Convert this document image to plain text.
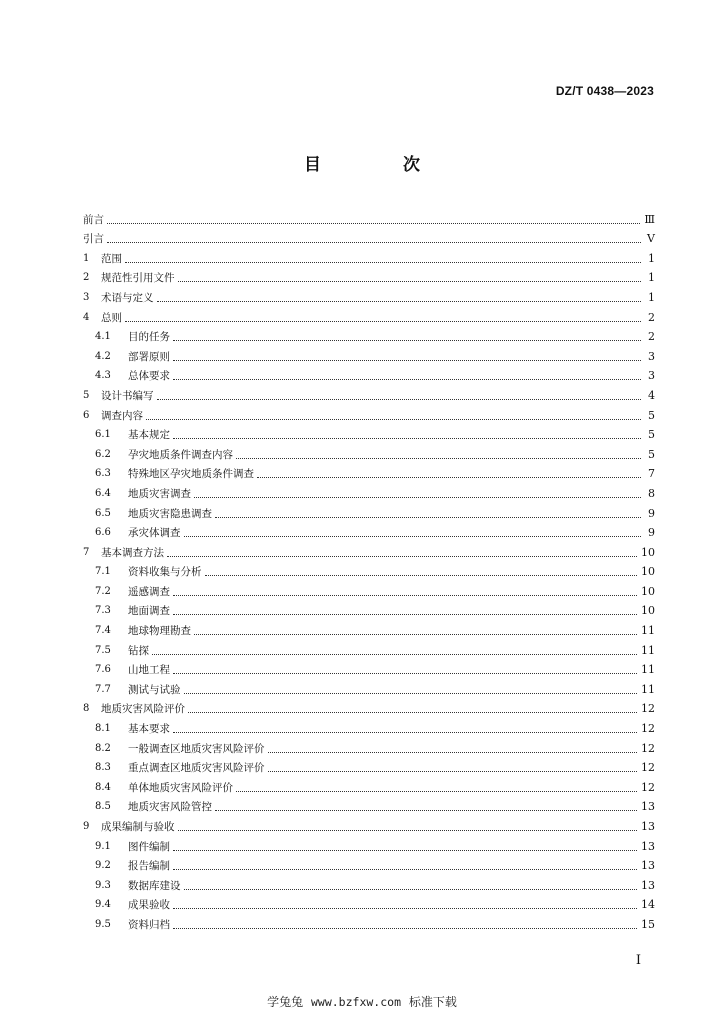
DZ/T 0438—2023
目 次
前言	Ⅲ
引言	Ⅴ
1	范围	1
2	规范性引用文件	1
3	术语与定义	1
4	总则	2
4.1	目的任务	2
4.2	部署原则	3
4.3	总体要求	3
5	设计书编写	4
6	调查内容	5
6.1	基本规定	5
6.2	孕灾地质条件调查内容	5
6.3	特殊地区孕灾地质条件调查	7
6.4	地质灾害调查	8
6.5	地质灾害隐患调查	9
6.6	承灾体调查	9
7	基本调查方法	10
7.1	资料收集与分析	10
7.2	遥感调查	10
7.3	地面调查	10
7.4	地球物理勘查	11
7.5	钻探	11
7.6	山地工程	11
7.7	测试与试验	11
8	地质灾害风险评价	12
8.1	基本要求	12
8.2	一般调查区地质灾害风险评价	12
8.3	重点调查区地质灾害风险评价	12
8.4	单体地质灾害风险评价	12
8.5	地质灾害风险管控	13
9	成果编制与验收	13
9.1	图件编制	13
9.2	报告编制	13
9.3	数据库建设	13
9.4	成果验收	14
9.5	资料归档	15
Ⅰ
学兔兔 www.bzfxw.com 标准下载
